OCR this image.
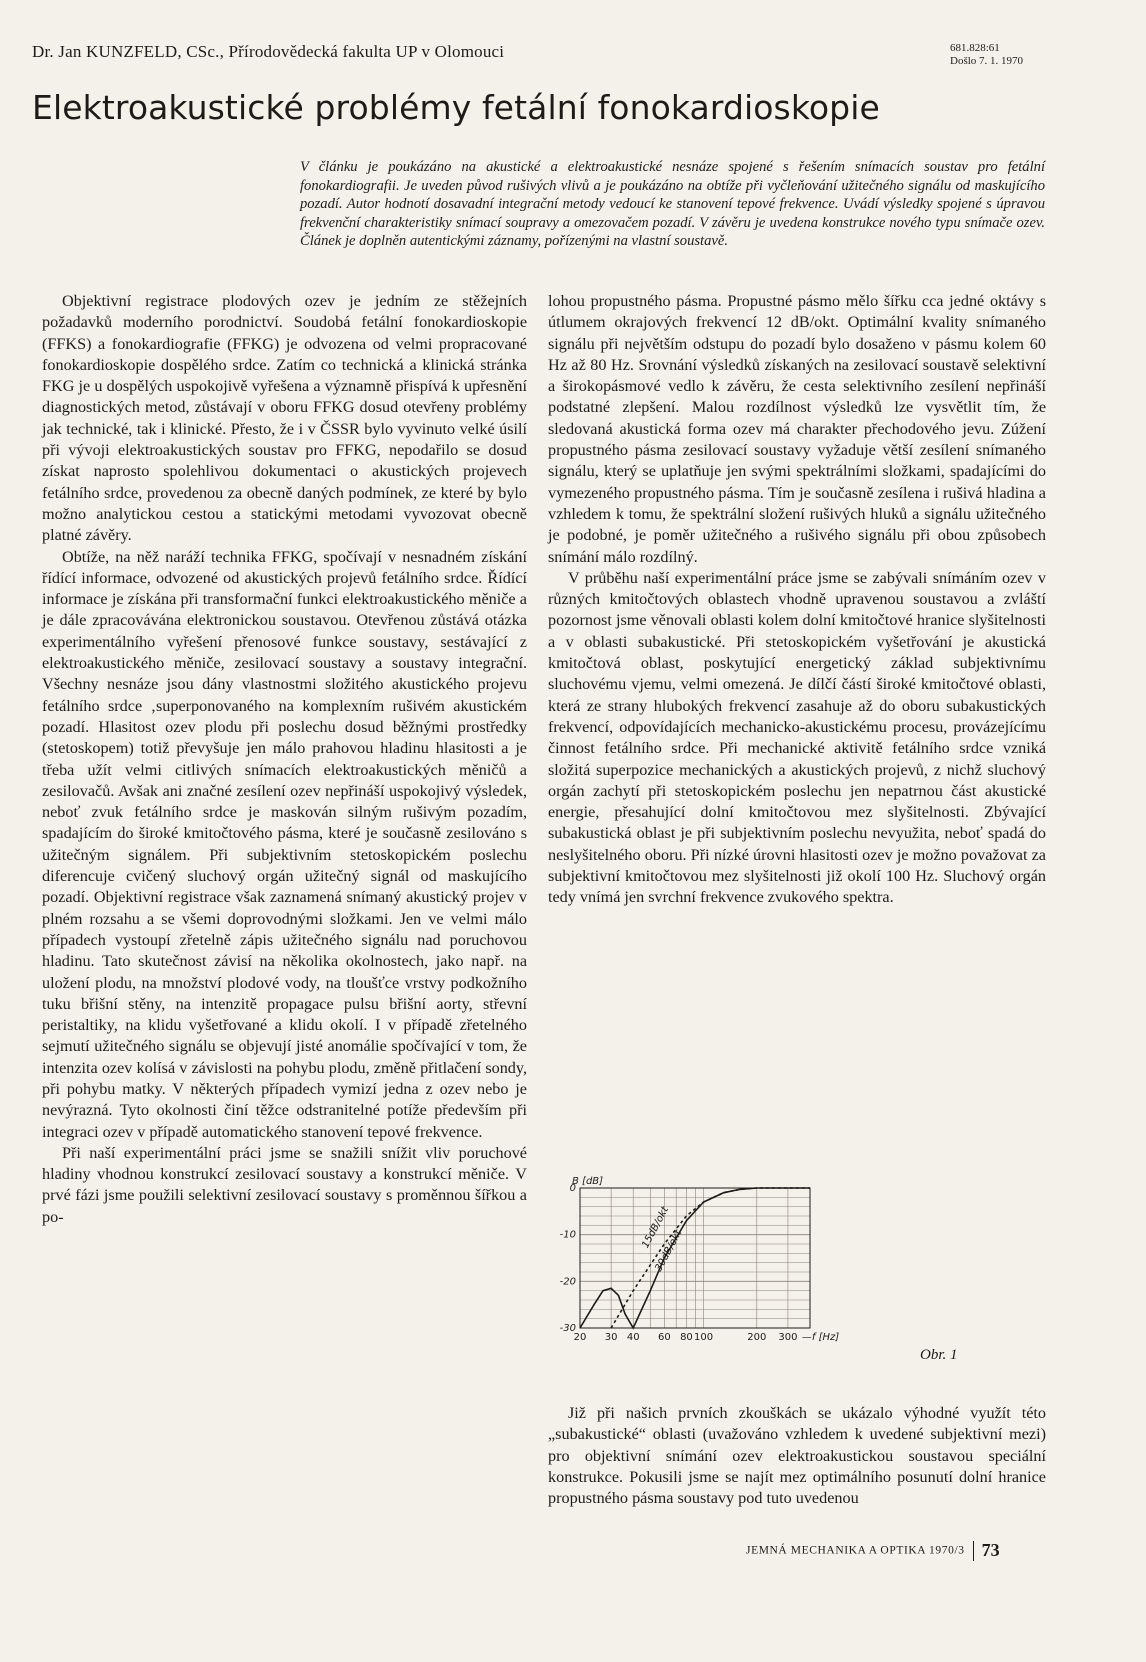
Dr. Jan KUNZFELD, CSc., Přírodovědecká fakulta UP v Olomouci	681.828:61
Došlo 7. 1. 1970
Elektroakustické problémy fetální fonokardioskopie

V článku je poukázáno na akustické a elektroakustické nesnáze spojené s řešením snímacích soustav pro fetální fonokardiografii. Je uveden původ rušivých vlivů a je poukázáno na obtíže při vyčleňování užitečného signálu od maskujícího pozadí. Autor hodnotí dosavadní integrační metody vedoucí ke stanovení tepové frekvence. Uvádí výsledky spojené s úpravou frekvenční charakteristiky snímací soupravy a omezovačem pozadí. V závěru je uvedena konstrukce nového typu snímače ozev. Článek je doplněn autentickými záznamy, pořízenými na vlastní soustavě.

Objektivní registrace plodových ozev je jedním ze stěžejních požadavků moderního porodnictví. Soudobá fetální fonokardioskopie (FFKS) a fonokardiografie (FFKG) je odvozena od velmi propracované fonokardioskopie dospělého srdce. Zatím co technická a klinická stránka FKG je u dospělých uspokojivě vyřešena a významně přispívá k upřesnění diagnostických metod, zůstávají v oboru FFKG dosud otevřeny problémy jak technické, tak i klinické. Přesto, že i v ČSSR bylo vyvinuto velké úsilí při vývoji elektroakustických soustav pro FFKG, nepodařilo se dosud získat naprosto spolehlivou dokumentaci o akustických projevech fetálního srdce, provedenou za obecně daných podmínek, ze které by bylo možno analytickou cestou a statickými metodami vyvozovat obecně platné závěry.

Obtíže, na něž naráží technika FFKG, spočívají v nesnadném získání řídící informace, odvozené od akustických projevů fetálního srdce. Řídící informace je získána při transformační funkci elektroakustického měniče a je dále zpracovávána elektronickou soustavou. Otevřenou zůstává otázka experimentálního vyřešení přenosové funkce soustavy, sestávající z elektroakustického měniče, zesilovací soustavy a soustavy integrační. Všechny nesnáze jsou dány vlastnostmi složitého akustického projevu fetálního srdce ‚superponovaného na komplexním rušivém akustickém pozadí. Hlasitost ozev plodu při poslechu dosud běžnými prostředky (stetoskopem) totiž převyšuje jen málo prahovou hladinu hlasitosti a je třeba užít velmi citlivých snímacích elektroakustických měničů a zesilovačů. Avšak ani značné zesílení ozev nepřináší uspokojivý výsledek, neboť zvuk fetálního srdce je maskován silným rušivým pozadím, spadajícím do široké kmitočtového pásma, které je současně zesilováno s užitečným signálem. Při subjektivním stetoskopickém poslechu diferencuje cvičený sluchový orgán užitečný signál od maskujícího pozadí. Objektivní registrace však zaznamená snímaný akustický projev v plném rozsahu a se všemi doprovodnými složkami. Jen ve velmi málo případech vystoupí zřetelně zápis užitečného signálu nad poruchovou hladinu. Tato skutečnost závisí na několika okolnostech, jako např. na uložení plodu, na množství plodové vody, na tloušťce vrstvy podkožního tuku břišní stěny, na intenzitě propagace pulsu břišní aorty, střevní peristaltiky, na klidu vyšetřované a klidu okolí. I v případě zřetelného sejmutí užitečného signálu se objevují jisté anomálie spočívající v tom, že intenzita ozev kolísá v závislosti na pohybu plodu, změně přitlačení sondy, při pohybu matky. V některých případech vymizí jedna z ozev nebo je nevýrazná. Tyto okolnosti činí těžce odstranitelné potíže především při integraci ozev v případě automatického stanovení tepové frekvence.

Při naší experimentální práci jsme se snažili snížit vliv poruchové hladiny vhodnou konstrukcí zesilovací soustavy a konstrukcí měniče. V prvé fázi jsme použili selektivní zesilovací soustavy s proměnnou šířkou a po-

lohou propustného pásma. Propustné pásmo mělo šířku cca jedné oktávy s útlumem okrajových frekvencí 12 dB/okt. Optimální kvality snímaného signálu při největším odstupu do pozadí bylo dosaženo v pásmu kolem 60 Hz až 80 Hz. Srovnání výsledků získaných na zesilovací soustavě selektivní a širokopásmové vedlo k závěru, že cesta selektivního zesílení nepřináší podstatné zlepšení. Malou rozdílnost výsledků lze vysvětlit tím, že sledovaná akustická forma ozev má charakter přechodového jevu. Zúžení propustného pásma zesilovací soustavy vyžaduje větší zesílení snímaného signálu, který se uplatňuje jen svými spektrálními složkami, spadajícími do vymezeného propustného pásma. Tím je současně zesílena i rušivá hladina a vzhledem k tomu, že spektrální složení rušivých hluků a signálu užitečného je podobné, je poměr užitečného a rušivého signálu při obou způsobech snímání málo rozdílný.

V průběhu naší experimentální práce jsme se zabývali snímáním ozev v různých kmitočtových oblastech vhodně upravenou soustavou a zvláští pozornost jsme věnovali oblasti kolem dolní kmitočtové hranice slyšitelnosti a v oblasti subakustické. Při stetoskopickém vyšetřování je akustická kmitočtová oblast, poskytující energetický základ subjektivnímu sluchovému vjemu, velmi omezená. Je dílčí částí široké kmitočtové oblasti, která ze strany hlubokých frekvencí zasahuje až do oboru subakustických frekvencí, odpovídajících mechanicko-akustickému procesu, provázejícímu činnost fetálního srdce. Při mechanické aktivitě fetálního srdce vzniká složitá superpozice mechanických a akustických projevů, z nichž sluchový orgán zachytí při stetoskopickém poslechu jen nepatrnou část akustické energie, přesahující dolní kmitočtovou mez slyšitelnosti. Zbývající subakustická oblast je při subjektivním poslechu nevyužita, neboť spadá do neslyšitelného oboru. Při nízké úrovni hlasitosti ozev je možno považovat za subjektivní kmitočtovou mez slyšitelnosti již okolí 100 Hz. Sluchový orgán tedy vnímá jen svrchní frekvence zvukového spektra.

0
-10
-20
-30
20 30 40 60 80 100	200 300
B [dB]
—f [Hz]
15dB/okt
30dB/okt
Obr. 1

Již při našich prvních zkouškách se ukázalo výhodné využít této „subakustické“ oblasti (uvažováno vzhledem k uvedené subjektivní mezi) pro objektivní snímání ozev elektroakustickou soustavou speciální konstrukce. Pokusili jsme se najít mez optimálního posunutí dolní hranice propustného pásma soustavy pod tuto uvedenou

JEMNÁ MECHANIKA A OPTIKA 1970/3 73
